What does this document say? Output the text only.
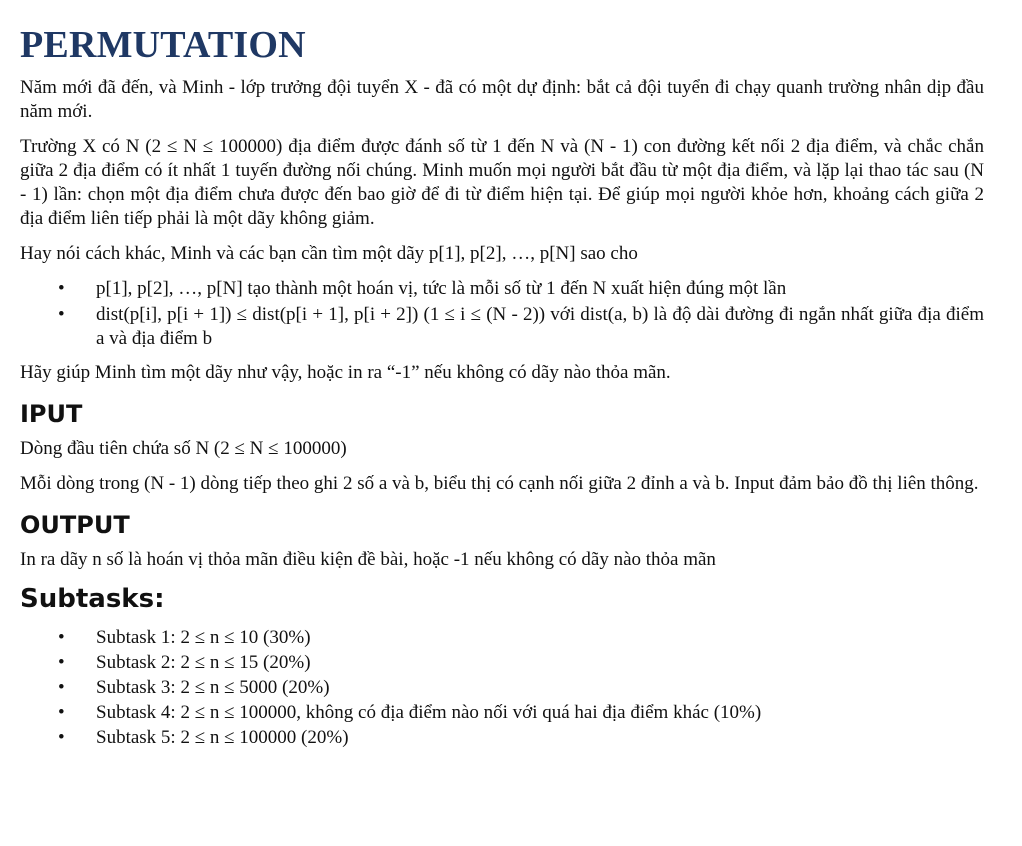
PERMUTATION

Năm mới đã đến, và Minh - lớp trưởng đội tuyển X - đã có một dự định: bắt cả đội tuyển đi chạy quanh trường nhân dịp đầu năm mới.

Trường X có N (2 ≤ N ≤ 100000) địa điểm được đánh số từ 1 đến N và (N - 1) con đường kết nối 2 địa điểm, và chắc chắn giữa 2 địa điểm có ít nhất 1 tuyến đường nối chúng. Minh muốn mọi người bắt đầu từ một địa điểm, và lặp lại thao tác sau (N - 1) lần: chọn một địa điểm chưa được đến bao giờ để đi từ điểm hiện tại. Để giúp mọi người khỏe hơn, khoảng cách giữa 2 địa điểm liên tiếp phải là một dãy không giảm.

Hay nói cách khác, Minh và các bạn cần tìm một dãy p[1], p[2], …, p[N] sao cho

• p[1], p[2], …, p[N] tạo thành một hoán vị, tức là mỗi số từ 1 đến N xuất hiện đúng một lần
• dist(p[i], p[i + 1]) ≤ dist(p[i + 1], p[i + 2]) (1 ≤ i ≤ (N - 2)) với dist(a, b) là độ dài đường đi ngắn nhất giữa địa điểm a và địa điểm b

Hãy giúp Minh tìm một dãy như vậy, hoặc in ra “-1” nếu không có dãy nào thỏa mãn.

IPUT

Dòng đầu tiên chứa số N (2 ≤ N ≤ 100000)

Mỗi dòng trong (N - 1) dòng tiếp theo ghi 2 số a và b, biểu thị có cạnh nối giữa 2 đỉnh a và b. Input đảm bảo đồ thị liên thông.

OUTPUT

In ra dãy n số là hoán vị thỏa mãn điều kiện đề bài, hoặc -1 nếu không có dãy nào thỏa mãn

Subtasks:
• Subtask 1: 2 ≤ n ≤ 10 (30%)
• Subtask 2: 2 ≤ n ≤ 15 (20%)
• Subtask 3: 2 ≤ n ≤ 5000 (20%)
• Subtask 4: 2 ≤ n ≤ 100000, không có địa điểm nào nối với quá hai địa điểm khác (10%)
• Subtask 5: 2 ≤ n ≤ 100000 (20%)
